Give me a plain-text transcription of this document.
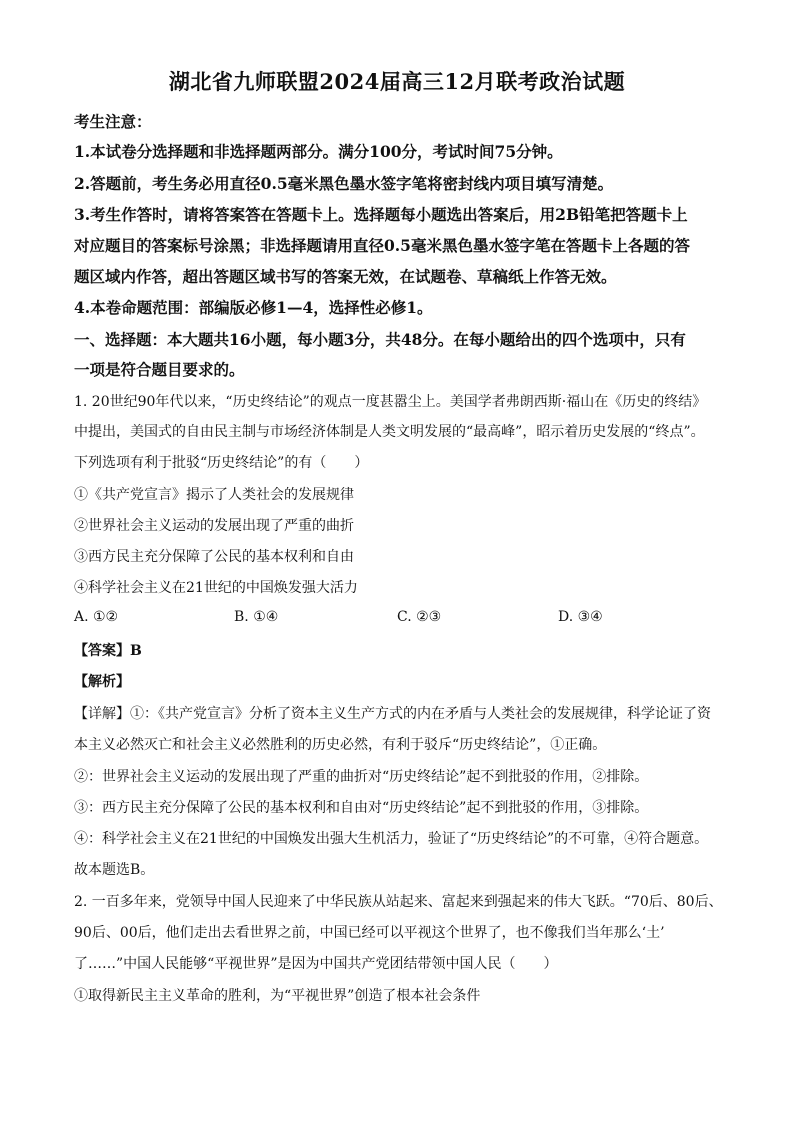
湖北省九师联盟2024届高三12月联考政治试题
考生注意：
1.本试卷分选择题和非选择题两部分。满分100分，考试时间75分钟。
2.答题前，考生务必用直径0.5毫米黑色墨水签字笔将密封线内项目填写清楚。
3.考生作答时，请将答案答在答题卡上。选择题每小题选出答案后，用2B铅笔把答题卡上
对应题目的答案标号涂黑；非选择题请用直径0.5毫米黑色墨水签字笔在答题卡上各题的答
题区域内作答，超出答题区域书写的答案无效，在试题卷、草稿纸上作答无效。
4.本卷命题范围：部编版必修1—4，选择性必修1。
一、选择题：本大题共16小题，每小题3分，共48分。在每小题给出的四个选项中，只有
一项是符合题目要求的。
1. 20世纪90年代以来，“历史终结论”的观点一度甚嚣尘上。美国学者弗朗西斯·福山在《历史的终结》
中提出，美国式的自由民主制与市场经济体制是人类文明发展的“最高峰”，昭示着历史发展的“终点”。
下列选项有利于批驳“历史终结论”的有（　　）
①《共产党宣言》揭示了人类社会的发展规律
②世界社会主义运动的发展出现了严重的曲折
③西方民主充分保障了公民的基本权利和自由
④科学社会主义在21世纪的中国焕发强大活力
A. ①②	B. ①④	C. ②③	D. ③④
【答案】B
【解析】
【详解】①：《共产党宣言》分析了资本主义生产方式的内在矛盾与人类社会的发展规律，科学论证了资
本主义必然灭亡和社会主义必然胜利的历史必然，有利于驳斥“历史终结论”，①正确。
②：世界社会主义运动的发展出现了严重的曲折对“历史终结论”起不到批驳的作用，②排除。
③：西方民主充分保障了公民的基本权利和自由对“历史终结论”起不到批驳的作用，③排除。
④：科学社会主义在21世纪的中国焕发出强大生机活力，验证了“历史终结论”的不可靠，④符合题意。
故本题选B。
2. 一百多年来，党领导中国人民迎来了中华民族从站起来、富起来到强起来的伟大飞跃。“70后、80后、
90后、00后，他们走出去看世界之前，中国已经可以平视这个世界了，也不像我们当年那么‘土’
了……”中国人民能够“平视世界”是因为中国共产党团结带领中国人民（　　）
①取得新民主主义革命的胜利，为“平视世界”创造了根本社会条件
